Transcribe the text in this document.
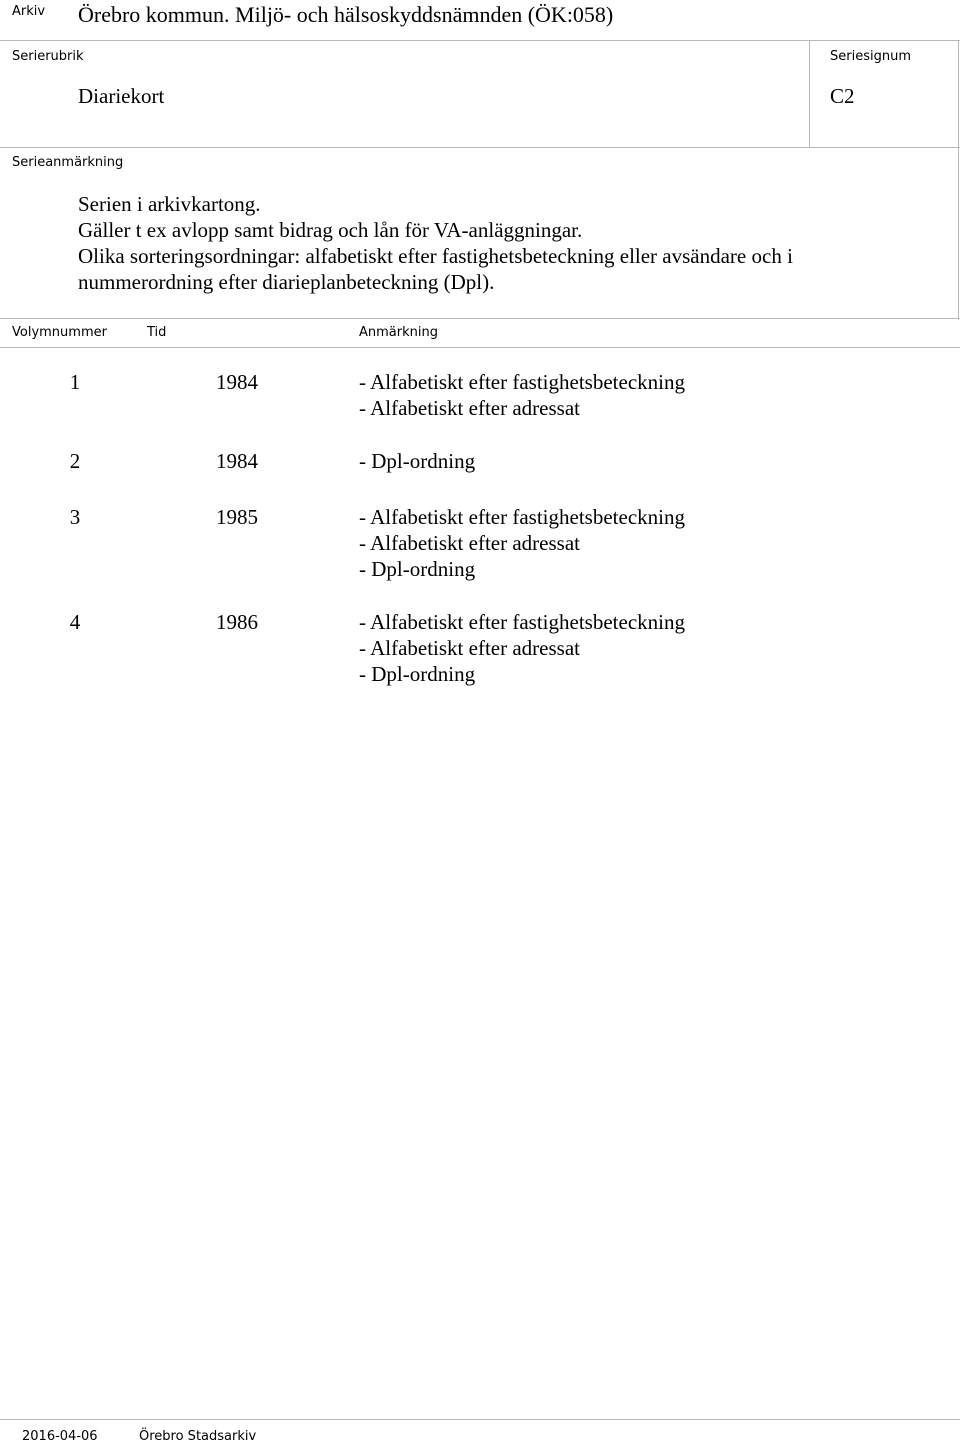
Arkiv Örebro kommun. Miljö- och hälsoskyddsnämnden (ÖK:058)
Serierubrik
Diariekort
Seriesignum
C2
Serieanmärkning

Serien i arkivkartong.

Gäller t ex avlopp samt bidrag och lån för VA-anläggningar.

Olika sorteringsordningar: alfabetiskt efter fastighetsbeteckning eller avsändare och i

nummerordning efter diarieplanbeteckning (Dpl).

Volymnummer	Tid	Anmärkning
1	1984	- Alfabetiskt efter fastighetsbeteckning
- Alfabetiskt efter adressat
2	1984	- Dpl-ordning
3	1985	- Alfabetiskt efter fastighetsbeteckning
- Alfabetiskt efter adressat
- Dpl-ordning
4	1986	- Alfabetiskt efter fastighetsbeteckning
- Alfabetiskt efter adressat
- Dpl-ordning
2016-04-06	Örebro Stadsarkiv
